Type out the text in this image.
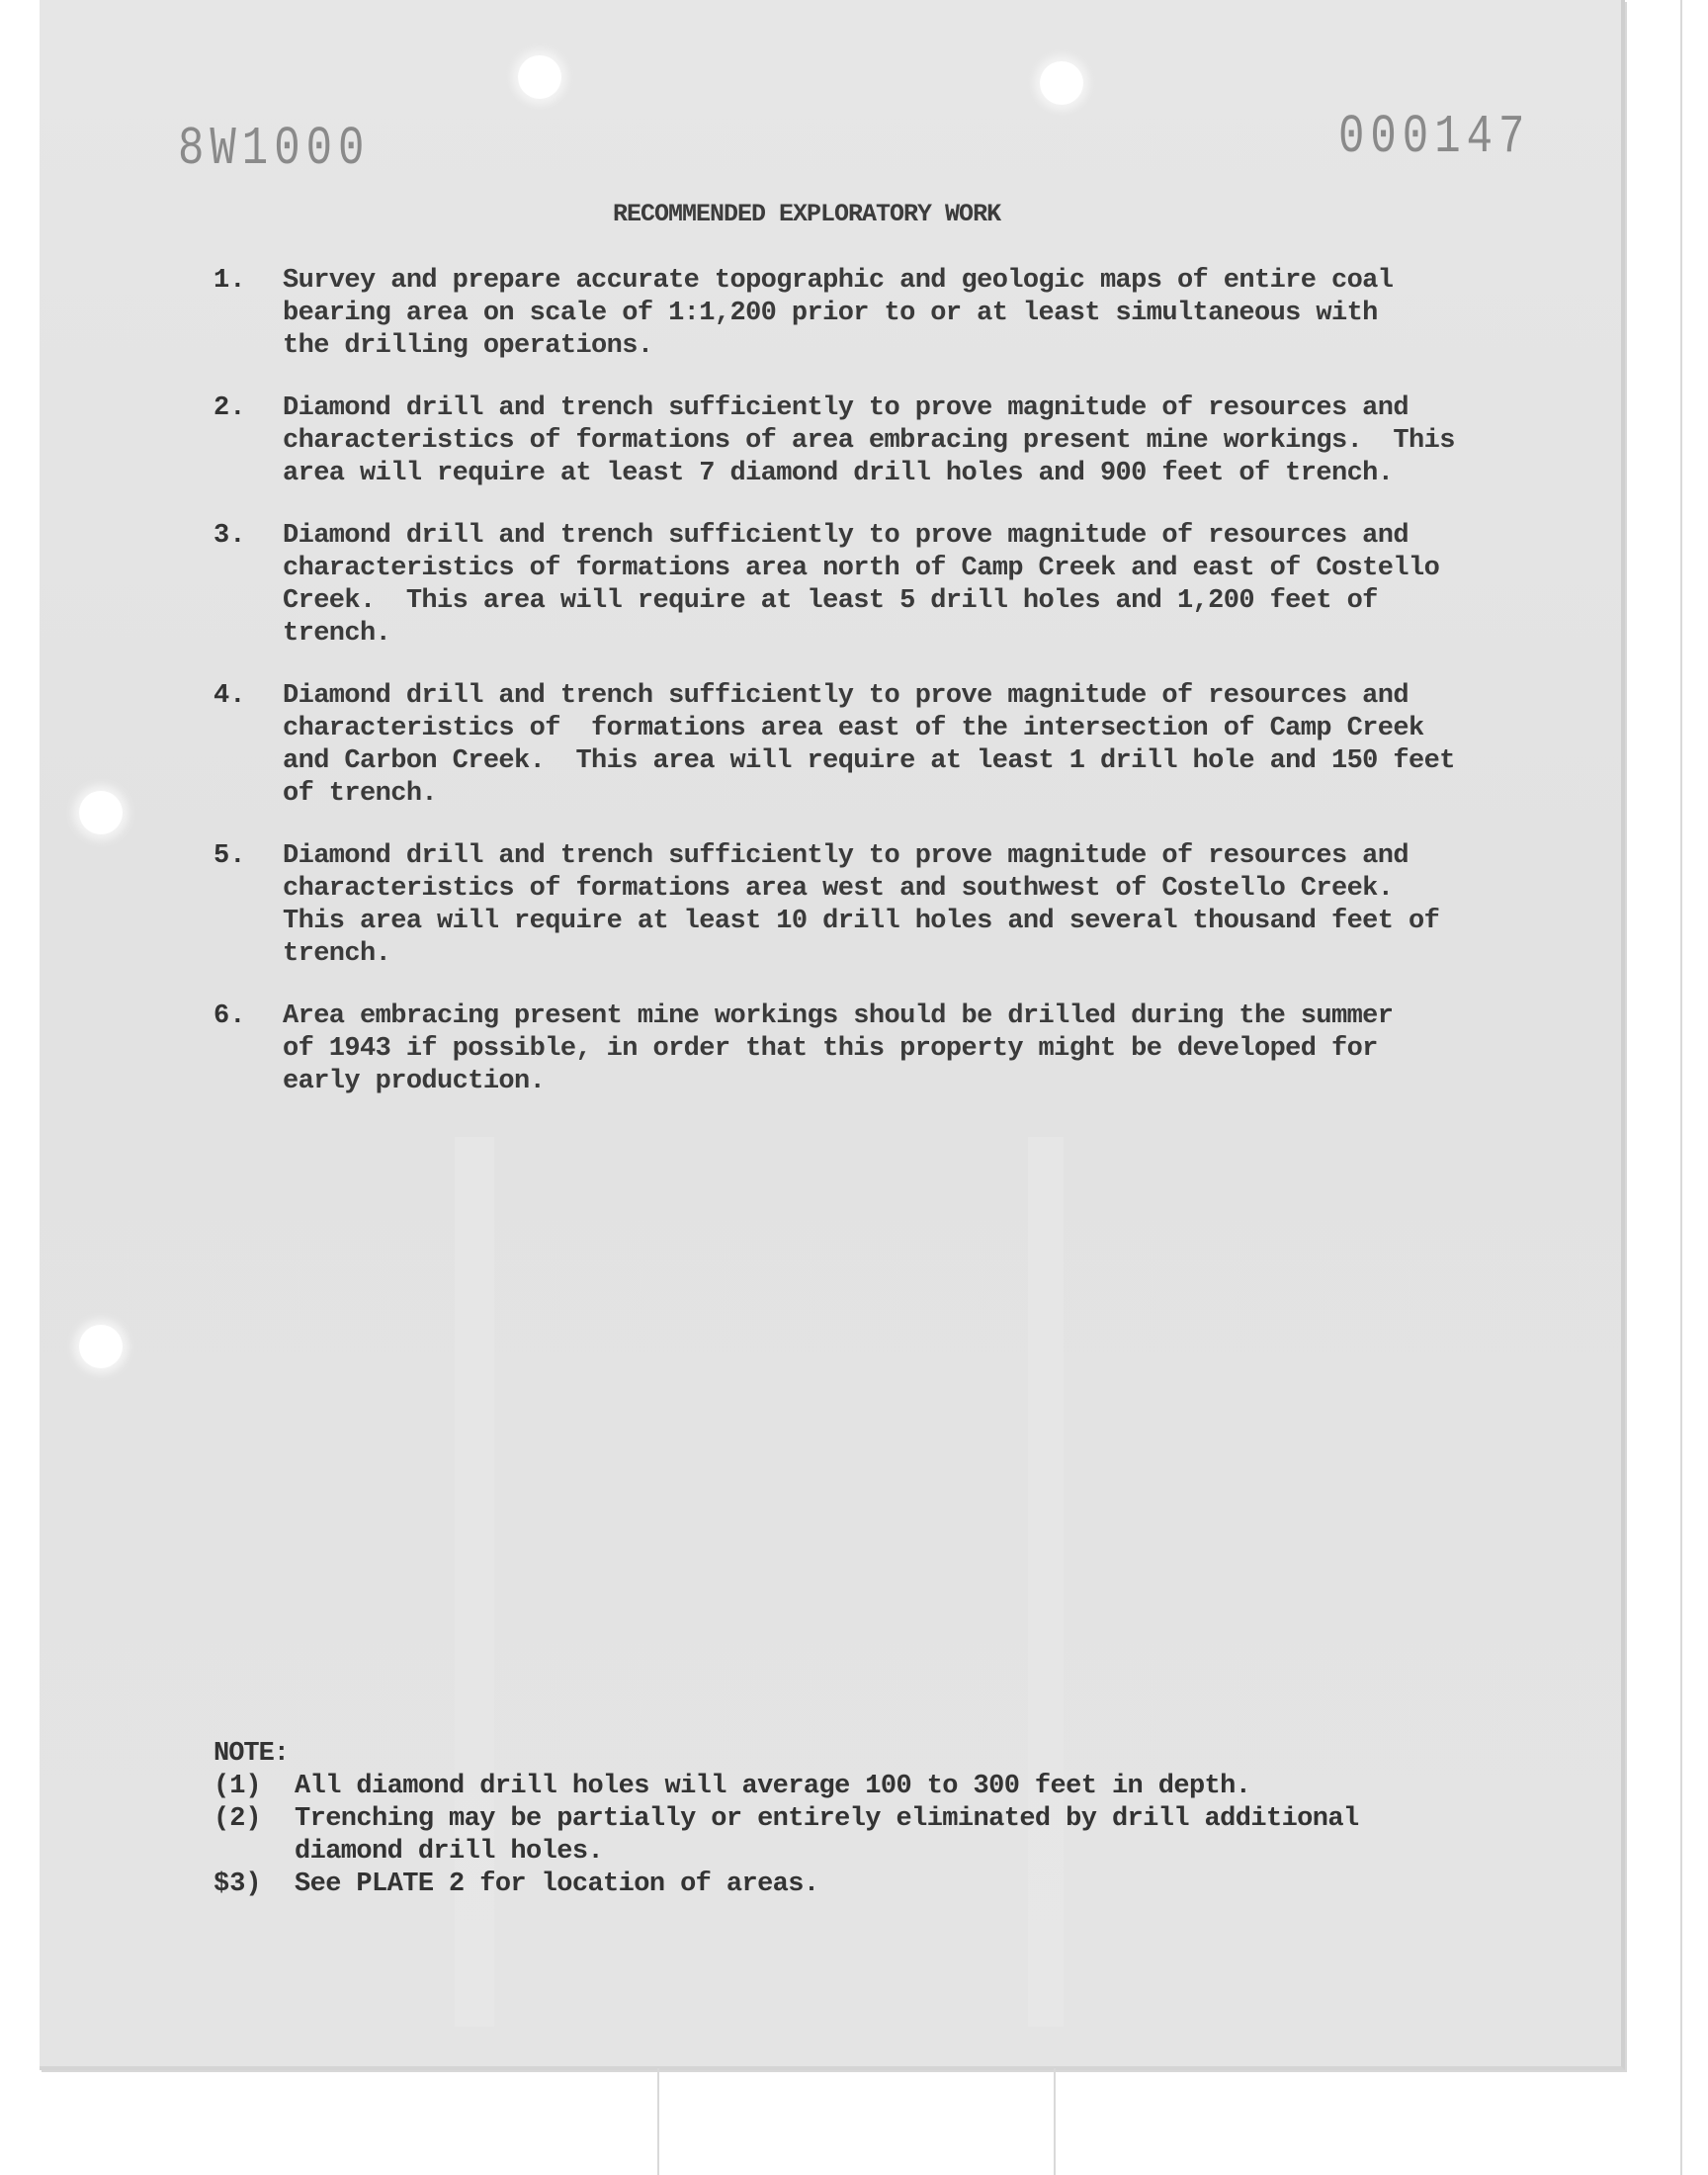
8W1000	000147
RECOMMENDED EXPLORATORY WORK
1.	Survey and prepare accurate topographic and geologic maps of entire coal
bearing area on scale of 1:1,200 prior to or at least simultaneous with
the drilling operations.
2.	Diamond drill and trench sufficiently to prove magnitude of resources and
characteristics of formations of area embracing present mine workings.  This
area will require at least 7 diamond drill holes and 900 feet of trench.
3.	Diamond drill and trench sufficiently to prove magnitude of resources and
characteristics of formations area north of Camp Creek and east of Costello
Creek.  This area will require at least 5 drill holes and 1,200 feet of
trench.
4.	Diamond drill and trench sufficiently to prove magnitude of resources and
characteristics of  formations area east of the intersection of Camp Creek
and Carbon Creek.  This area will require at least 1 drill hole and 150 feet
of trench.
5.	Diamond drill and trench sufficiently to prove magnitude of resources and
characteristics of formations area west and southwest of Costello Creek.
This area will require at least 10 drill holes and several thousand feet of
trench.
6.	Area embracing present mine workings should be drilled during the summer
of 1943 if possible, in order that this property might be developed for
early production.
NOTE:
(1)	All diamond drill holes will average 100 to 300 feet in depth.
(2)	Trenching may be partially or entirely eliminated by drill additional
diamond drill holes.
$3)	See PLATE 2 for location of areas.
